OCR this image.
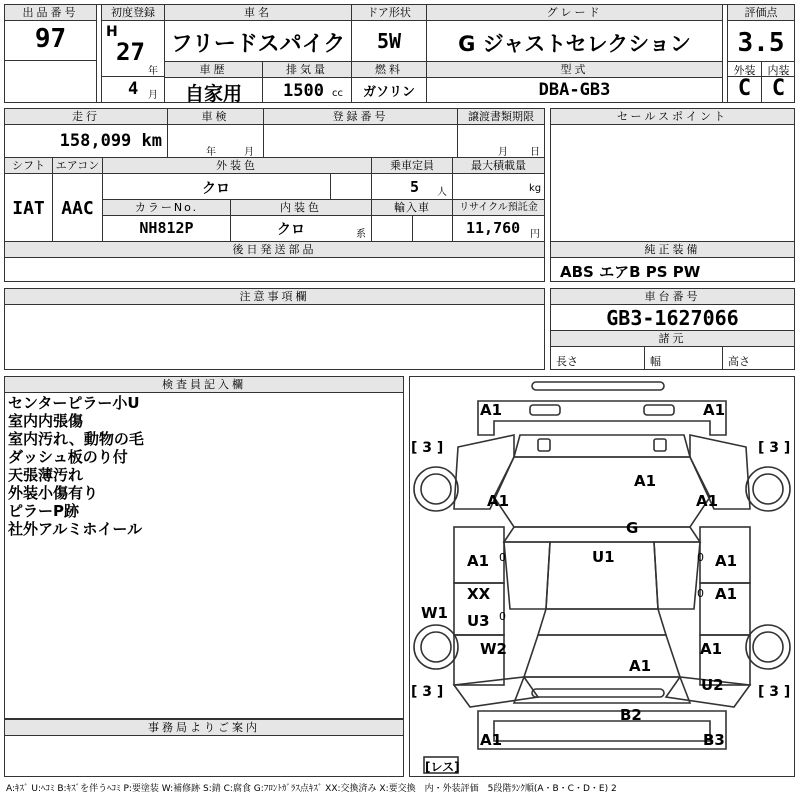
出品番号
97
初度登録
H
27
年
4 月
車名
フリードスパイク
ドア形状
5W
グレード
G ジャストセレクション
評価点
3.5
車歴
自家用
排気量
1500 cc
燃料
ガソリン
型式
DBA-GB3
外装	内装
C C
走行
158,099 km
車検
年	月
登録番号	譲渡書類期限
月 日
シフト エアコン
IAT AAC
外装色
クロ
乗車定員
5 人
最大積載量
kg
カラーNo.
NH812P
内装色
クロ	系
輸入車	リサイクル預託金
11,760 円
後日発送部品
セールスポイント
純正装備
ABS エアB PS PW
注意事項欄	車台番号
GB3-1627066
諸元
長さ	幅	高さ
検査員記入欄
センターピラー小U
室内内張傷
室内汚れ、動物の毛
ダッシュ板のり付
天張薄汚れ
外装小傷有り
ピラーP跡
社外アルミホイール
事務局よりご案内
[ 3 ]	[ 3 ]
[ 3 ]	[ 3 ]
[レス]
A1	A1
A1
A1
A1
G
U1
A1	A1
XX
U3
A1
W1
W2
A1
A1
U2
B2
A1	B3
0
0
0
0
A:ｷｽﾞ U:ﾍｺﾐ B:ｷｽﾞを伴うﾍｺﾐ P:要塗装 W:補修跡 S:錆 C:腐食 G:ﾌﾛﾝﾄｶﾞﾗｽ点ｷｽﾞ XX:交換済み X:要交換　内・外装評価　5段階ﾗﾝｸ順(A・B・C・D・E) 2
